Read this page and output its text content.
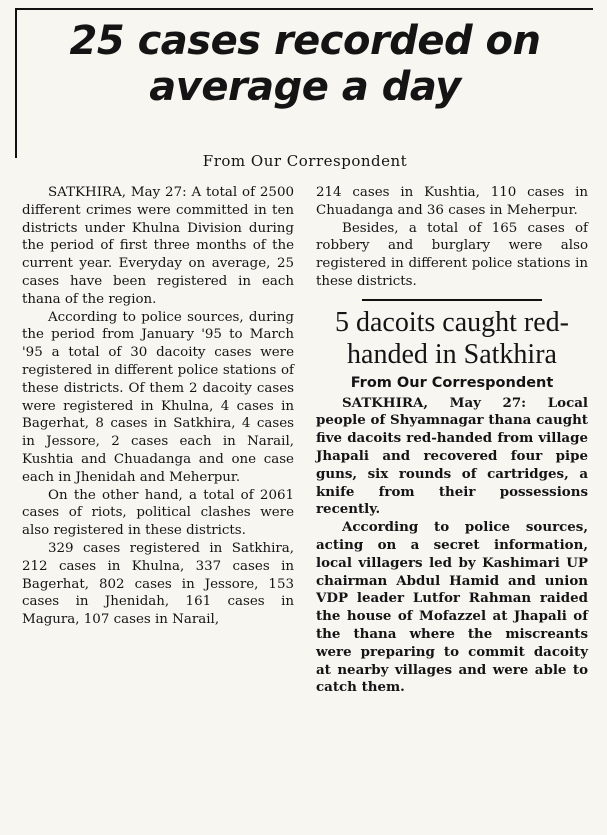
25 cases recorded on average a day
From Our Correspondent

SATKHIRA, May 27: A total of 2500 different crimes were committed in ten districts under Khulna Division during the period of first three months of the current year. Everyday on average, 25 cases have been registered in each thana of the region.

According to police sources, during the period from January '95 to March '95 a total of 30 dacoity cases were registered in different police stations of these districts. Of them 2 dacoity cases were registered in Khulna, 4 cases in Bagerhat, 8 cases in Satkhira, 4 cases in Jessore, 2 cases each in Narail, Kushtia and Chuadanga and one case each in Jhenidah and Meherpur.

On the other hand, a total of 2061 cases of riots, political clashes were also registered in these districts.

329 cases registered in Satkhira, 212 cases in Khulna, 337 cases in Bagerhat, 802 cases in Jessore, 153 cases in Jhenidah, 161 cases in Magura, 107 cases in Narail,

214 cases in Kushtia, 110 cases in Chuadanga and 36 cases in Meherpur.

Besides, a total of 165 cases of robbery and burglary were also registered in different police stations in these districts.

5 dacoits caught red-handed in Satkhira
From Our Correspondent

SATKHIRA, May 27: Local people of Shyamnagar thana caught five dacoits red-handed from village Jhapali and recovered four pipe guns, six rounds of cartridges, a knife from their possessions recently.

According to police sources, acting on a secret information, local villagers led by Kashimari UP chairman Abdul Hamid and union VDP leader Lutfor Rahman raided the house of Mofazzel at Jhapali of the thana where the miscreants were preparing to commit dacoity at nearby villages and were able to catch them.
